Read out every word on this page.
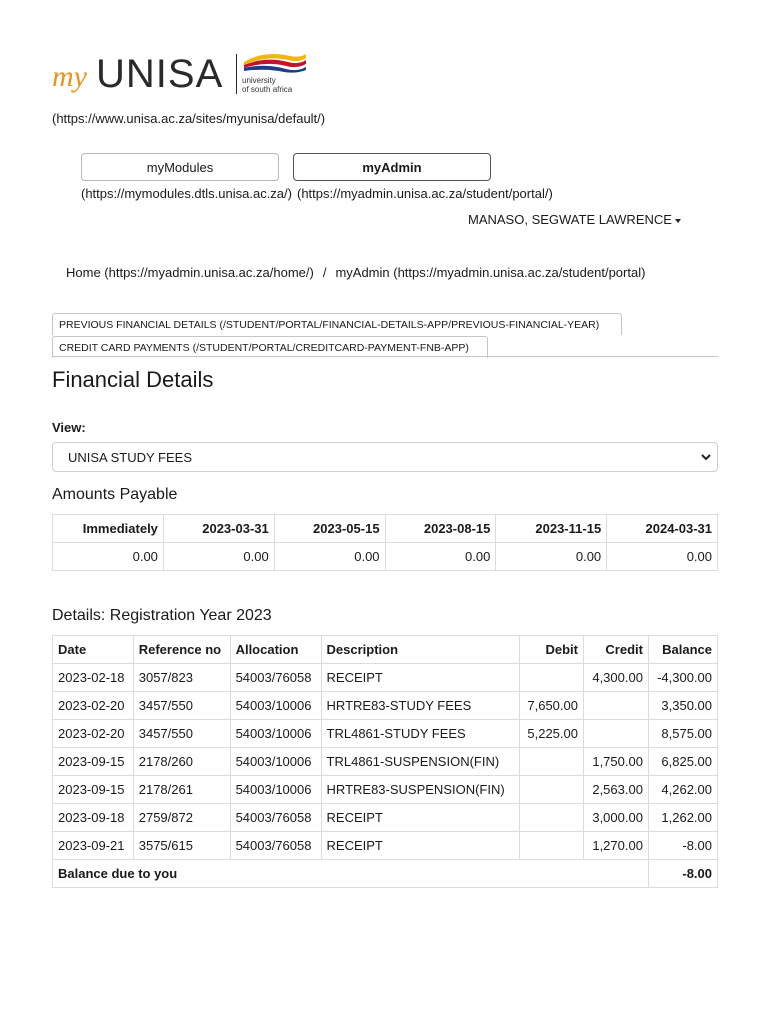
my UNISA university
of south africa
(https://www.unisa.ac.za/sites/myunisa/default/)
myModules	myAdmin
(https://mymodules.dtls.unisa.ac.za/) (https://myadmin.unisa.ac.za/student/portal/)
MANASO, SEGWATE LAWRENCE
Home (https://myadmin.unisa.ac.za/home/) / myAdmin (https://myadmin.unisa.ac.za/student/portal)
PREVIOUS FINANCIAL DETAILS (/STUDENT/PORTAL/FINANCIAL-DETAILS-APP/PREVIOUS-FINANCIAL-YEAR)
CREDIT CARD PAYMENTS (/STUDENT/PORTAL/CREDITCARD-PAYMENT-FNB-APP)
Financial Details
View:
UNISA STUDY FEES
Amounts Payable
Immediately	2023-03-31	2023-05-15	2023-08-15	2023-11-15	2024-03-31
0.00	0.00	0.00	0.00	0.00	0.00
Details: Registration Year 2023
Date	Reference no	Allocation	Description	Debit	Credit	Balance
2023-02-18	3057/823	54003/76058	RECEIPT		4,300.00	-4,300.00
2023-02-20	3457/550	54003/10006	HRTRE83-STUDY FEES	7,650.00		3,350.00
2023-02-20	3457/550	54003/10006	TRL4861-STUDY FEES	5,225.00		8,575.00
2023-09-15	2178/260	54003/10006	TRL4861-SUSPENSION(FIN)		1,750.00	6,825.00
2023-09-15	2178/261	54003/10006	HRTRE83-SUSPENSION(FIN)		2,563.00	4,262.00
2023-09-18	2759/872	54003/76058	RECEIPT		3,000.00	1,262.00
2023-09-21	3575/615	54003/76058	RECEIPT		1,270.00	-8.00
Balance due to you						-8.00
